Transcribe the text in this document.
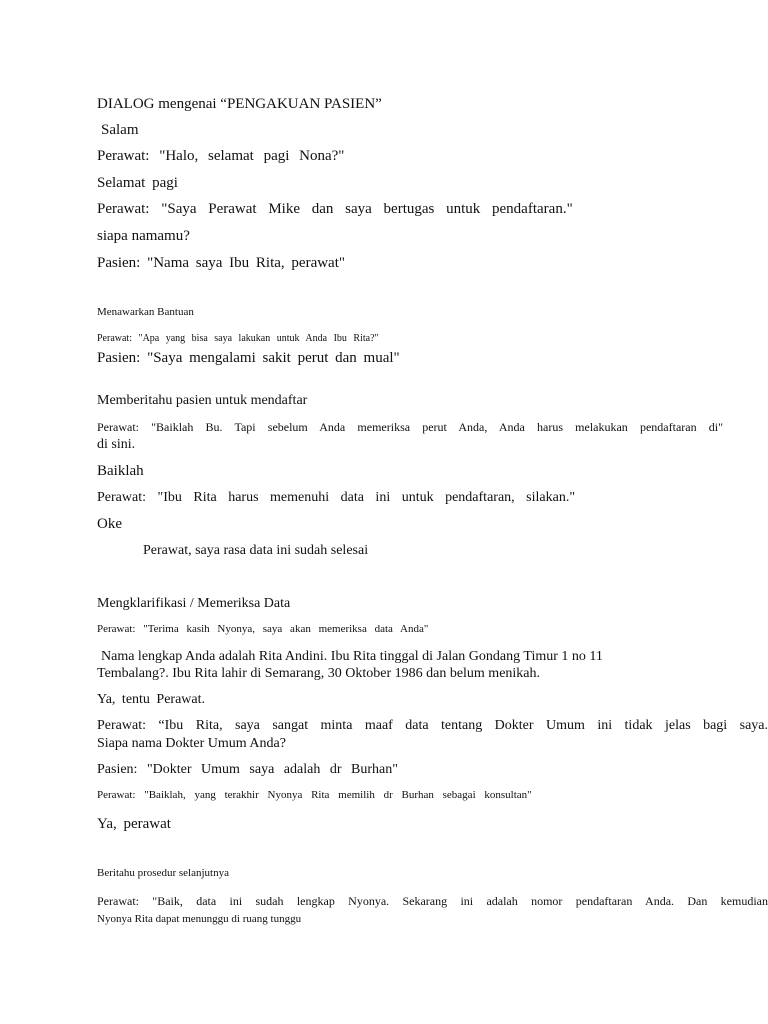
DIALOG mengenai “PENGAKUAN PASIEN”
Salam
Perawat: "Halo, selamat pagi Nona?"
Selamat pagi
Perawat: "Saya Perawat Mike dan saya bertugas untuk pendaftaran."
siapa namamu?
Pasien: "Nama saya Ibu Rita, perawat"
Menawarkan Bantuan
Perawat: "Apa yang bisa saya lakukan untuk Anda Ibu Rita?"
Pasien: "Saya mengalami sakit perut dan mual"
Memberitahu pasien untuk mendaftar
Perawat: "Baiklah Bu. Tapi sebelum Anda memeriksa perut Anda, Anda harus melakukan pendaftaran di"
di sini.
Baiklah
Perawat: "Ibu Rita harus memenuhi data ini untuk pendaftaran, silakan."
Oke
Perawat, saya rasa data ini sudah selesai
Mengklarifikasi / Memeriksa Data
Perawat: "Terima kasih Nyonya, saya akan memeriksa data Anda"
Nama lengkap Anda adalah Rita Andini. Ibu Rita tinggal di Jalan Gondang Timur 1 no 11
Tembalang?. Ibu Rita lahir di Semarang, 30 Oktober 1986 dan belum menikah.
Ya, tentu Perawat.
Perawat: “Ibu Rita, saya sangat minta maaf data tentang Dokter Umum ini tidak jelas bagi saya.
Siapa nama Dokter Umum Anda?
Pasien: "Dokter Umum saya adalah dr Burhan"
Perawat: "Baiklah, yang terakhir Nyonya Rita memilih dr Burhan sebagai konsultan"
Ya, perawat
Beritahu prosedur selanjutnya
Perawat: "Baik, data ini sudah lengkap Nyonya. Sekarang ini adalah nomor pendaftaran Anda. Dan kemudian
Nyonya Rita dapat menunggu di ruang tunggu
